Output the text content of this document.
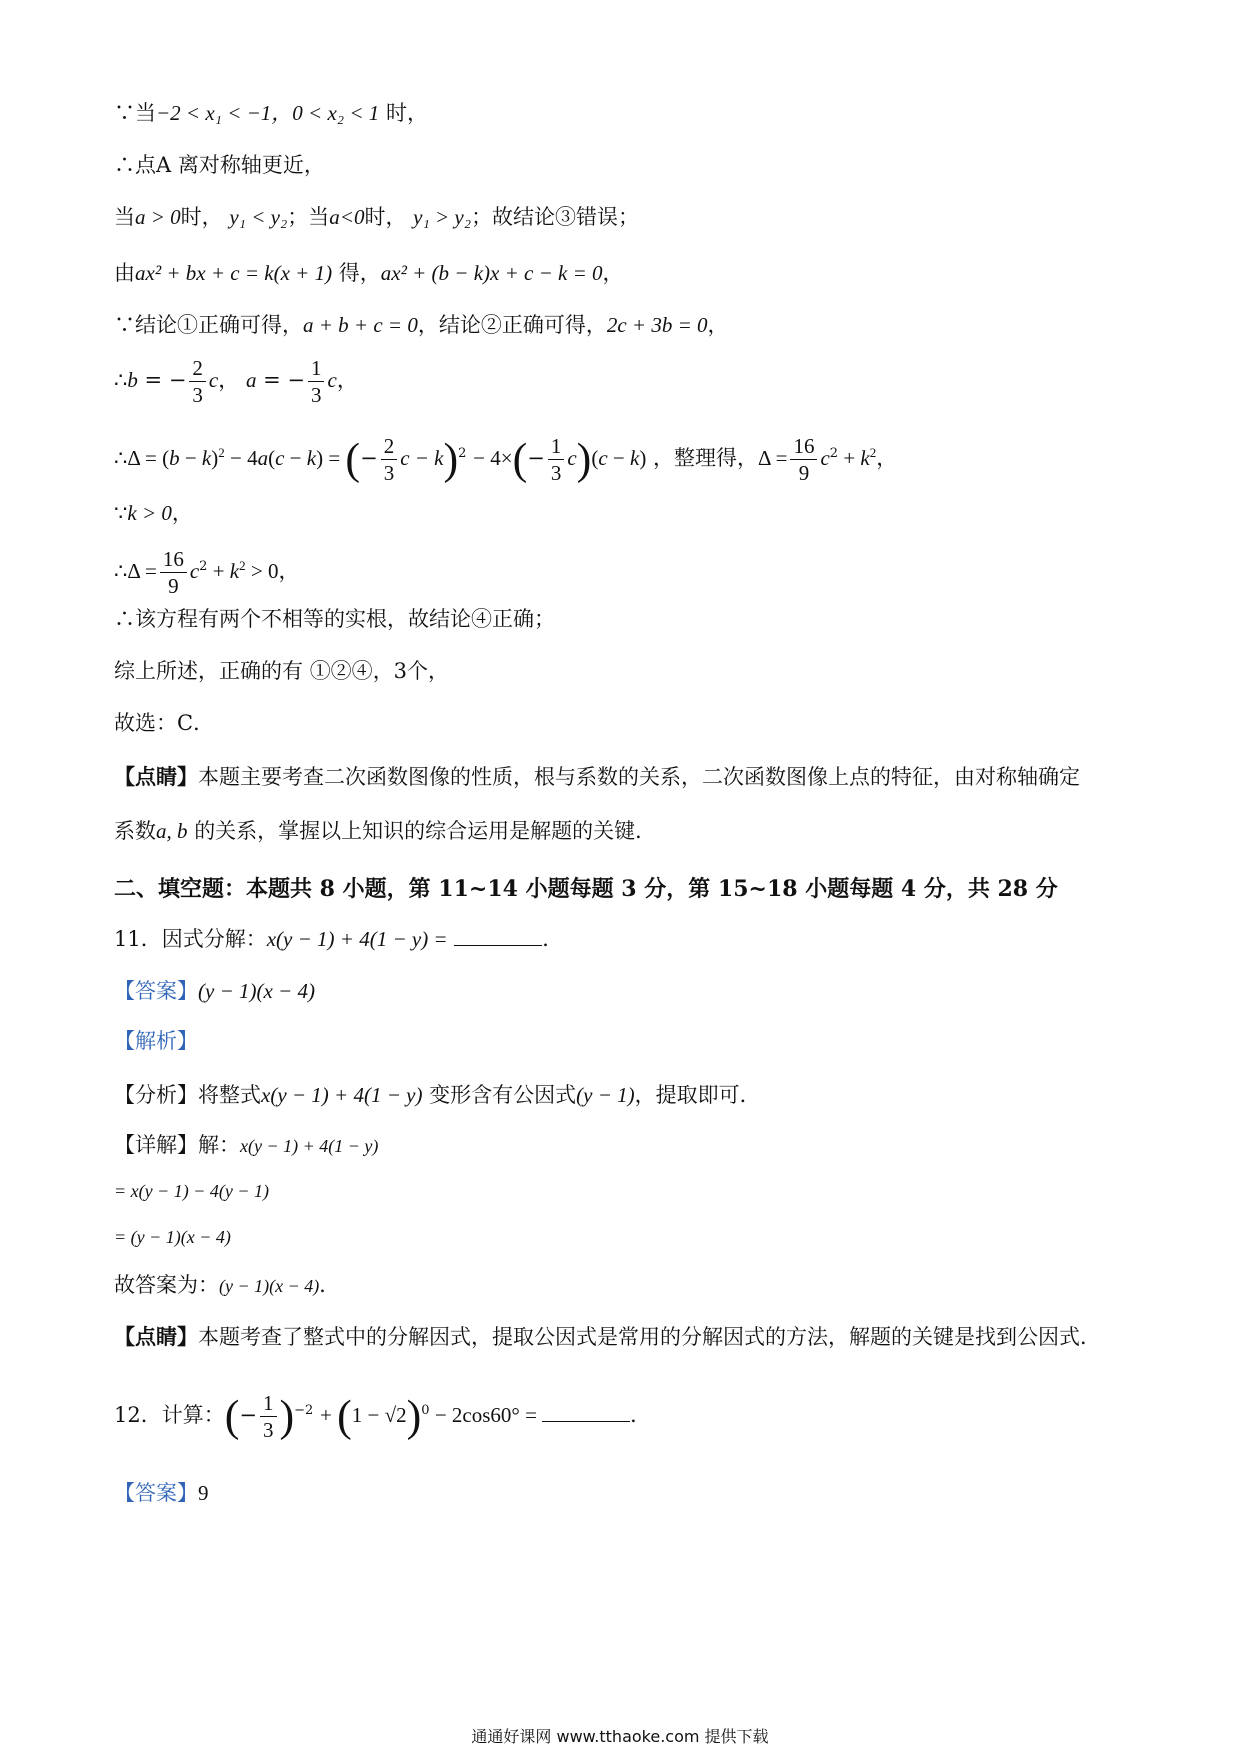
∵当−2 < x₁ < −1，0 < x₂ < 1 时，
∴点A 离对称轴更近，
当a > 0时， y₁ < y₂；当a<0时， y₁ > y₂；故结论③错误；
由ax² + bx + c = k(x + 1) 得，ax² + (b − k)x + c − k = 0，
∵结论①正确可得，a + b + c = 0，结论②正确可得，2c + 3b = 0，
∴b = − $\frac{2}{3}$ c， a = − $\frac{1}{3}$ c，
∴Δ = $(b - k)^2 - 4a(c - k)$ = (− $\frac{2}{3}$ $c - k)^2 - 4\times(- \frac{1}{3} c)(c - k)$ ，整理得，$\Delta = \frac{16}{9} c^2 + k^2$，
∵k > 0，
∴Δ = $\frac{16}{9} c^2 + k^2 > 0$，
∴该方程有两个不相等的实根，故结论④正确；
综上所述，正确的有 ①②④，3个，
故选：C．
【点睛】本题主要考查二次函数图像的性质，根与系数的关系，二次函数图像上点的特征，由对称轴确定
系数a, b 的关系，掌握以上知识的综合运用是解题的关键．
二、填空题：本题共 8 小题，第 11~14 小题每题 3 分，第 15~18 小题每题 4 分，共 28 分
11．因式分解：x(y − 1) + 4(1 − y) =	．
【答案】(y − 1)(x − 4)
【解析】
【分析】将整式x(y − 1) + 4(1 − y) 变形含有公因式(y − 1)，提取即可．
【详解】解：x(y − 1) + 4(1 − y)
= x(y − 1) − 4(y − 1)
= (y − 1)(x − 4)
故答案为：(y − 1)(x − 4)．
【点睛】本题考查了整式中的分解因式，提取公因式是常用的分解因式的方法，解题的关键是找到公因式．
12．计算：(− $\frac{1}{3} )^{-2} + (1 - √2)^0 - 2\cos 60^\circ$ =	．
【答案】9
通通好课网 www.tthaoke.com 提供下载
